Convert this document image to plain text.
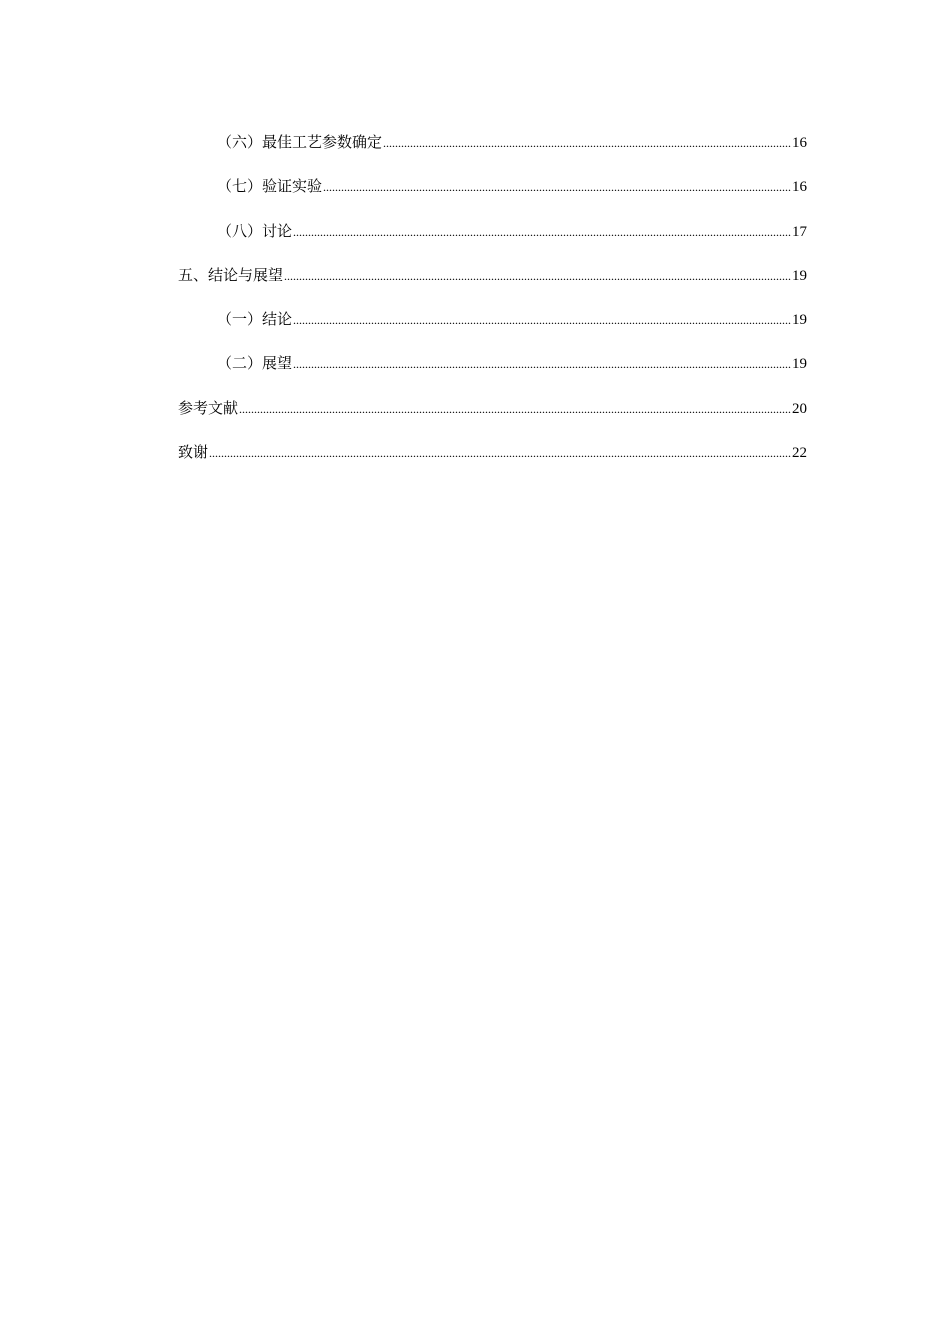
（六）最佳工艺参数确定 .....	16
（七）验证实验 .....	16
（八）讨论 .....	17
五、结论与展望 .....	19
（一）结论 .....	19
（二）展望 .....	19
参考文献 .....	20
致谢 .....	22
